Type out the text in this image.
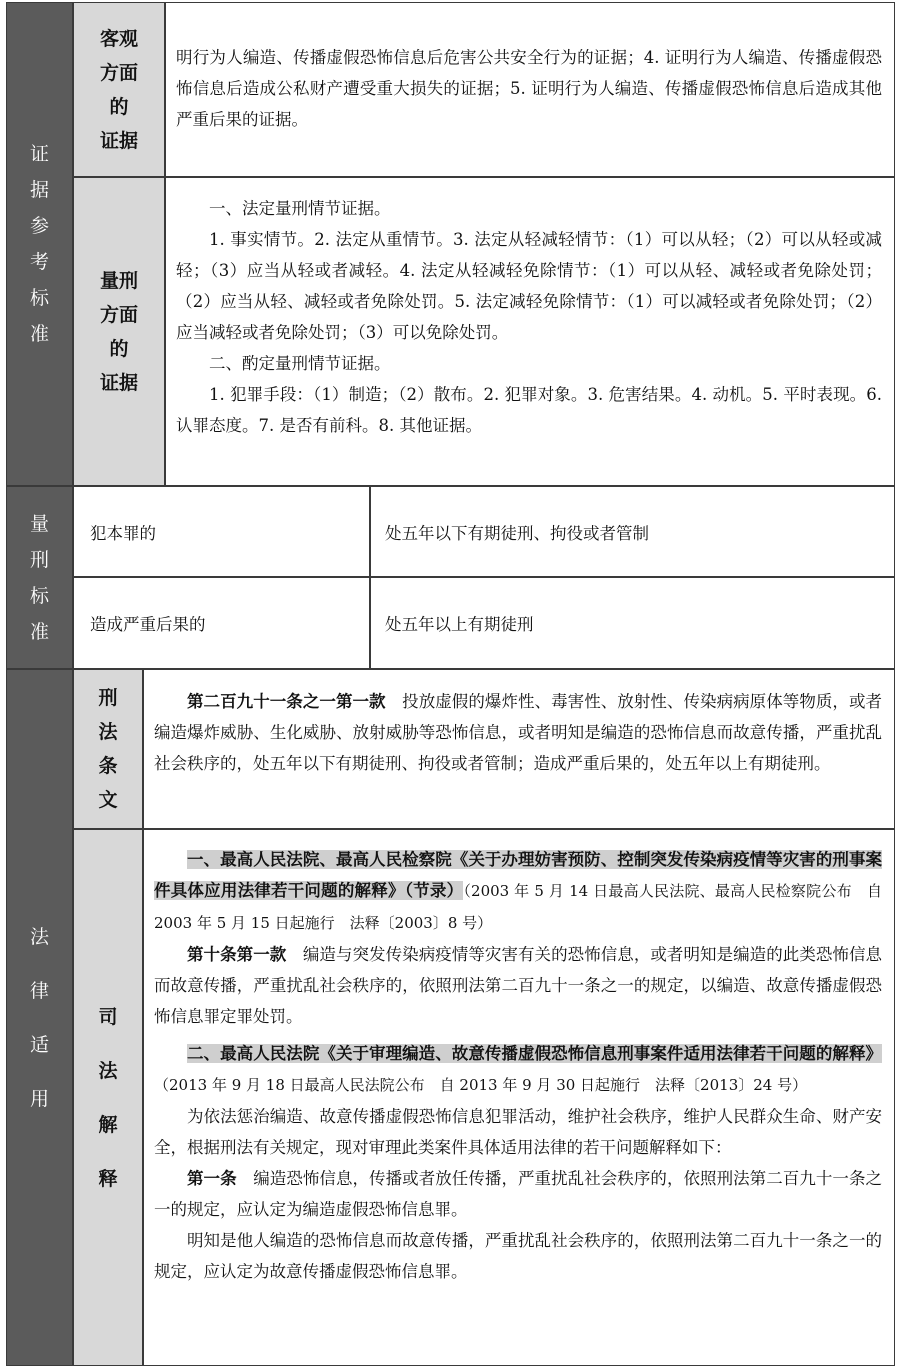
证
据
参
考
标
准
客观
方面
的
证据

明行为人编造、传播虚假恐怖信息后危害公共安全行为的证据；4. 证明行为人编造、传播虚假恐怖信息后造成公私财产遭受重大损失的证据；5. 证明行为人编造、传播虚假恐怖信息后造成其他严重后果的证据。

量刑
方面
的
证据

一、法定量刑情节证据。

1. 事实情节。2. 法定从重情节。3. 法定从轻减轻情节：（1）可以从轻；（2）可以从轻或减轻；（3）应当从轻或者减轻。4. 法定从轻减轻免除情节：（1）可以从轻、减轻或者免除处罚；（2）应当从轻、减轻或者免除处罚。5. 法定减轻免除情节：（1）可以减轻或者免除处罚；（2）应当减轻或者免除处罚；（3）可以免除处罚。

二、酌定量刑情节证据。

1. 犯罪手段：（1）制造；（2）散布。2. 犯罪对象。3. 危害结果。4. 动机。5. 平时表现。6. 认罪态度。7. 是否有前科。8. 其他证据。

量
刑
标
准
犯本罪的	处五年以下有期徒刑、拘役或者管制
造成严重后果的	处五年以上有期徒刑
法
律
适
用
刑
法
条
文

第二百九十一条之一第一款　 投放虚假的爆炸性、毒害性、放射性、传染病病原体等物质，或者编造爆炸威胁、生化威胁、放射威胁等恐怖信息，或者明知是编造的恐怖信息而故意传播，严重扰乱社会秩序的，处五年以下有期徒刑、拘役或者管制；造成严重后果的，处五年以上有期徒刑。

司
法
解
释

一、最高人民法院、最高人民检察院《关于办理妨害预防、控制突发传染病疫情等灾害的刑事案件具体应用法律若干问题的解释》（节录）（2003 年 5 月 14 日最高人民法院、最高人民检察院公布　自 2003 年 5 月 15 日起施行　法释〔2003〕8 号）

第十条第一款　 编造与突发传染病疫情等灾害有关的恐怖信息，或者明知是编造的此类恐怖信息而故意传播，严重扰乱社会秩序的，依照刑法第二百九十一条之一的规定，以编造、故意传播虚假恐怖信息罪定罪处罚。

二、最高人民法院《关于审理编造、故意传播虚假恐怖信息刑事案件适用法律若干问题的解释》（2013 年 9 月 18 日最高人民法院公布　自 2013 年 9 月 30 日起施行　法释〔2013〕24 号）

为依法惩治编造、故意传播虚假恐怖信息犯罪活动，维护社会秩序，维护人民群众生命、财产安全，根据刑法有关规定，现对审理此类案件具体适用法律的若干问题解释如下：

第一条　 编造恐怖信息，传播或者放任传播，严重扰乱社会秩序的，依照刑法第二百九十一条之一的规定，应认定为编造虚假恐怖信息罪。

明知是他人编造的恐怖信息而故意传播，严重扰乱社会秩序的，依照刑法第二百九十一条之一的规定，应认定为故意传播虚假恐怖信息罪。
